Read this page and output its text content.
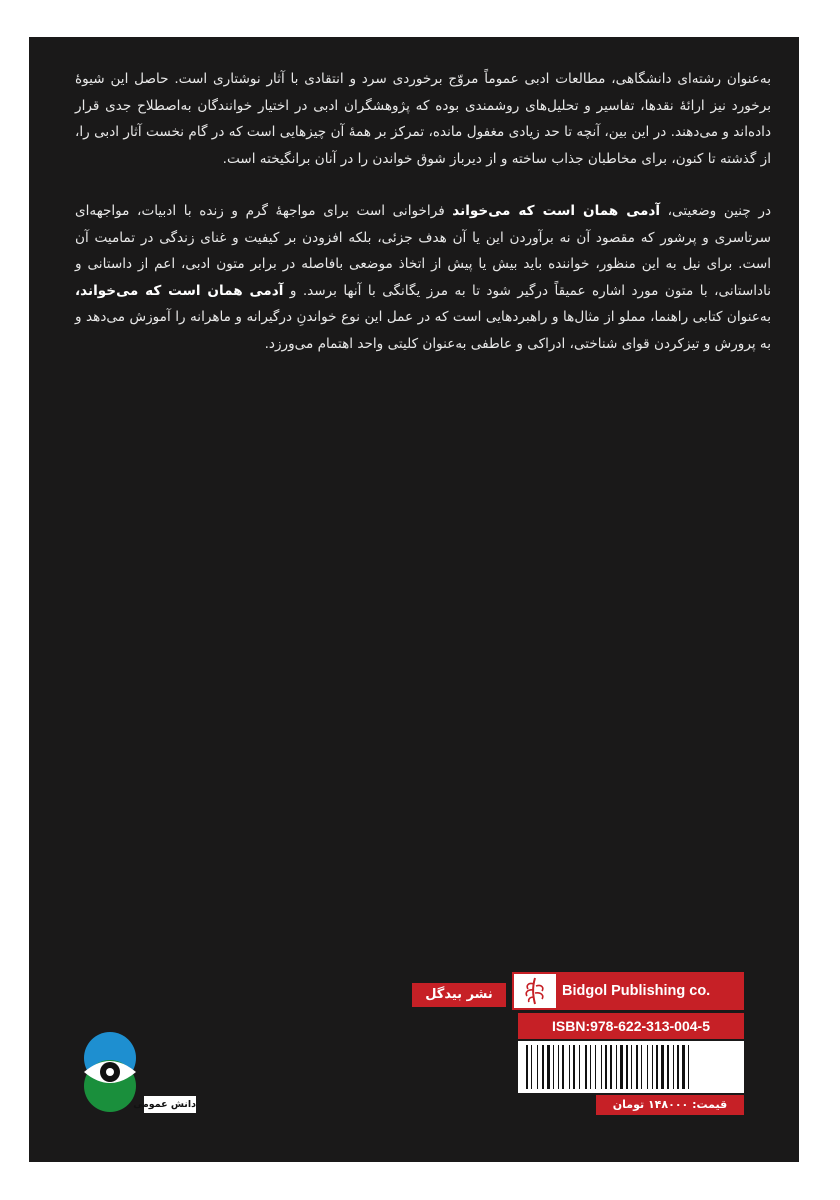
به‌عنوان رشته‌ای دانشگاهی، مطالعات ادبی عموماً مروّج برخوردی سرد و انتقادی با آثار نوشتاری است. حاصل این شیوهٔ برخورد نیز ارائهٔ نقدها، تفاسیر و تحلیل‌های روشمندی بوده که پژوهشگران ادبی در اختیار خوانندگان به‌اصطلاح جدی قرار داده‌اند و می‌دهند. در این بین، آنچه تا حد زیادی مغفول مانده، تمرکز بر همهٔ آن چیزهایی است که در گام نخست آثار ادبی را، از گذشته تا کنون، برای مخاطبان جذاب ساخته و از دیرباز شوق خواندن را در آنان برانگیخته است.

در چنین وضعیتی، آدمی همان است که می‌خواند فراخوانی است برای مواجههٔ گرم و زنده با ادبیات، مواجهه‌ای سرتاسری و پرشور که مقصود آن نه برآوردن این یا آن هدف جزئی، بلکه افزودن بر کیفیت و غنای زندگی در تمامیت آن است. برای نیل به این منظور، خواننده باید بیش یا پیش از اتخاذ موضعی بافاصله در برابر متون ادبی، اعم از داستانی و ناداستانی، با متون مورد اشاره عمیقاً درگیر شود تا به مرز یگانگی با آنها برسد. و آدمی همان است که می‌خواند، به‌عنوان کتابی راهنما، مملو از مثال‌ها و راهبردهایی است که در عمل این نوع خواندنِ درگیرانه و ماهرانه را آموزش می‌دهد و به پرورش و تیزکردن قوای شناختی، ادراکی و عاطفی به‌عنوان کلیتی واحد اهتمام می‌ورزد.

نشر بیدگل	Bidgol Publishing co.
ISBN:978-622-313-004-5
قیمت: ۱۴۸۰۰۰ تومان
دانش عمومی
